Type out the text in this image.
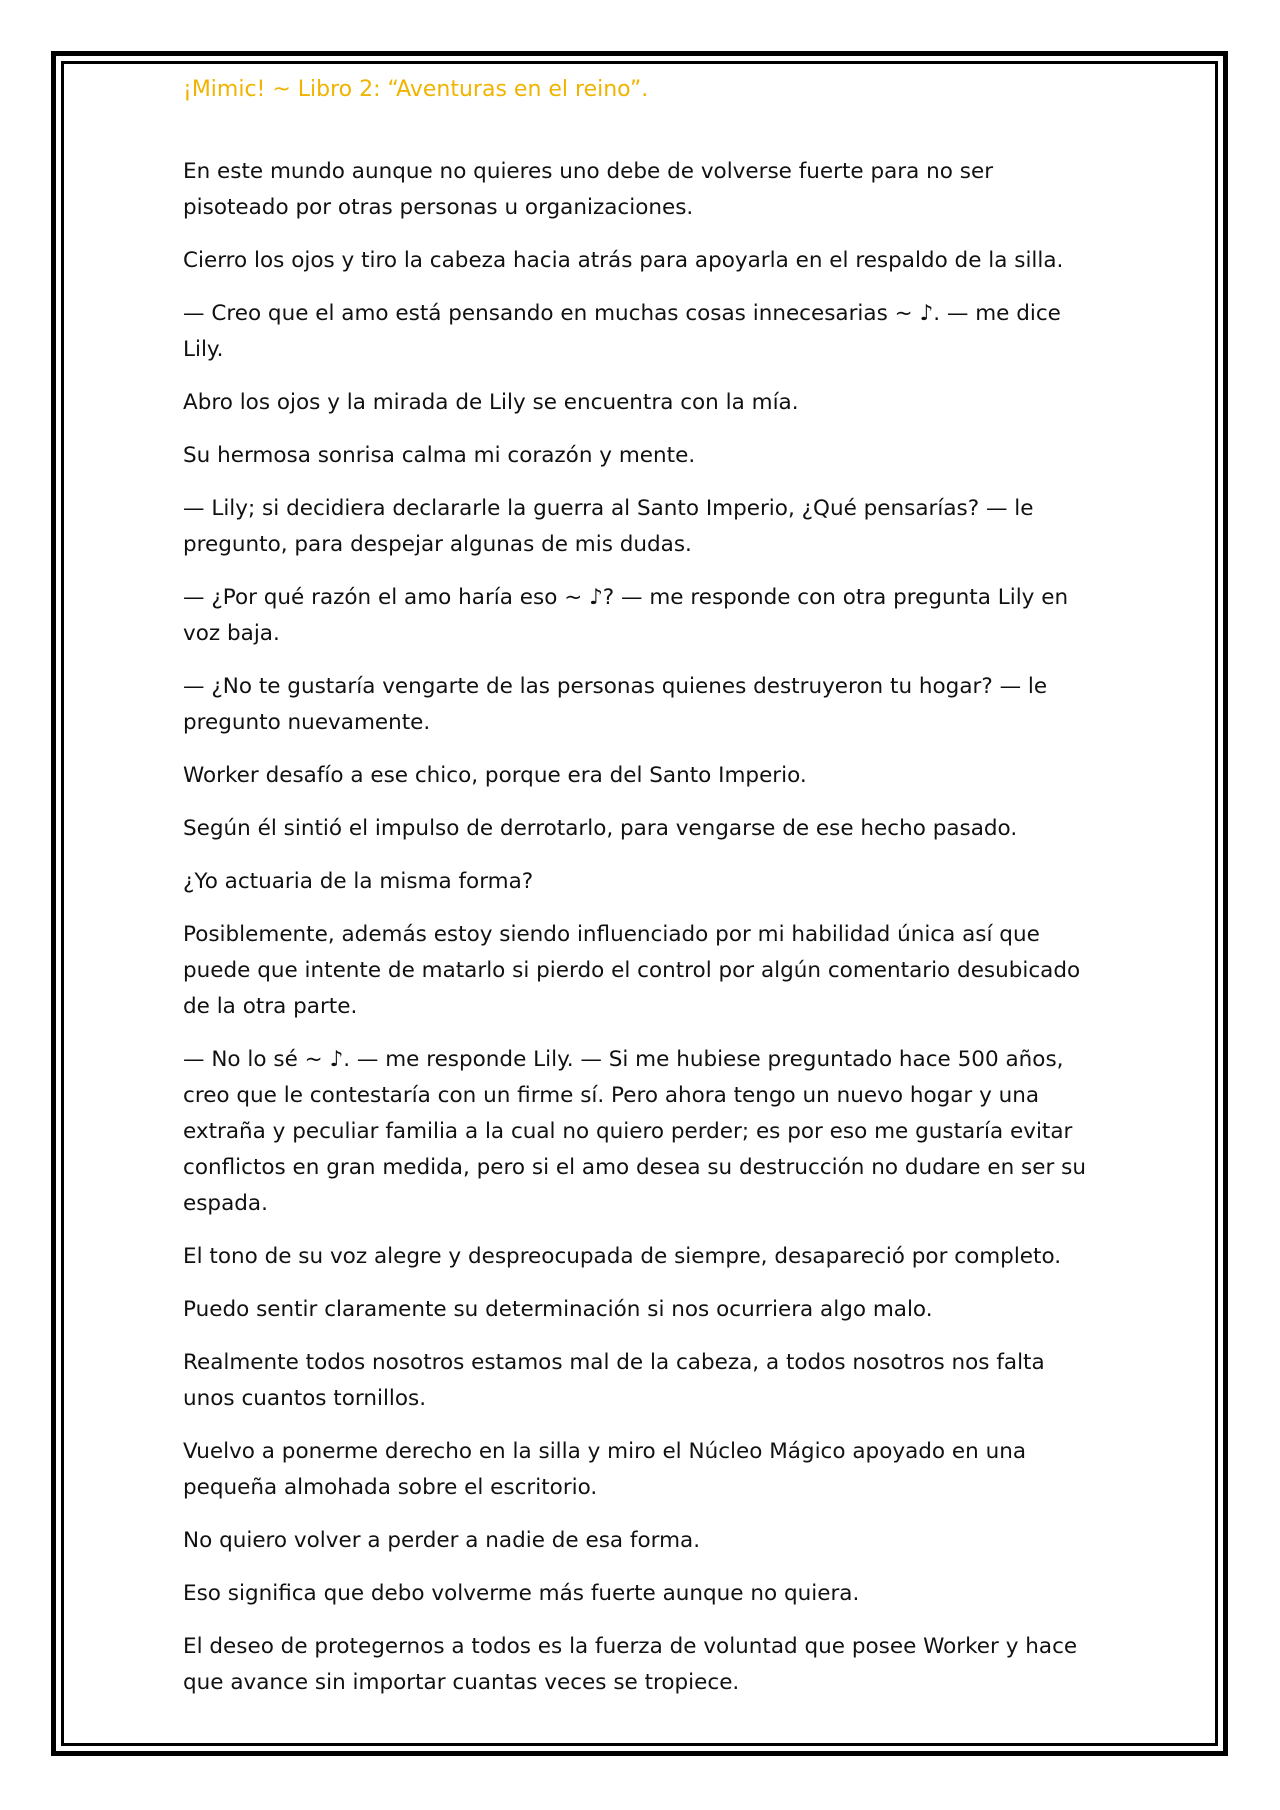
¡Mimic! ~ Libro 2: “Aventuras en el reino”.

En este mundo aunque no quieres uno debe de volverse fuerte para no ser pisoteado por otras personas u organizaciones.

Cierro los ojos y tiro la cabeza hacia atrás para apoyarla en el respaldo de la silla.

— Creo que el amo está pensando en muchas cosas innecesarias ~ ♪. — me dice Lily.

Abro los ojos y la mirada de Lily se encuentra con la mía.

Su hermosa sonrisa calma mi corazón y mente.

— Lily; si decidiera declararle la guerra al Santo Imperio, ¿Qué pensarías? — le pregunto, para despejar algunas de mis dudas.

— ¿Por qué razón el amo haría eso ~ ♪? — me responde con otra pregunta Lily en voz baja.

— ¿No te gustaría vengarte de las personas quienes destruyeron tu hogar? — le pregunto nuevamente.

Worker desafío a ese chico, porque era del Santo Imperio.

Según él sintió el impulso de derrotarlo, para vengarse de ese hecho pasado.

¿Yo actuaria de la misma forma?

Posiblemente, además estoy siendo influenciado por mi habilidad única así que puede que intente de matarlo si pierdo el control por algún comentario desubicado de la otra parte.

— No lo sé ~ ♪. — me responde Lily. — Si me hubiese preguntado hace 500 años, creo que le contestaría con un firme sí. Pero ahora tengo un nuevo hogar y una extraña y peculiar familia a la cual no quiero perder; es por eso me gustaría evitar conflictos en gran medida, pero si el amo desea su destrucción no dudare en ser su espada.

El tono de su voz alegre y despreocupada de siempre, desapareció por completo.

Puedo sentir claramente su determinación si nos ocurriera algo malo.

Realmente todos nosotros estamos mal de la cabeza, a todos nosotros nos falta unos cuantos tornillos.

Vuelvo a ponerme derecho en la silla y miro el Núcleo Mágico apoyado en una pequeña almohada sobre el escritorio.

No quiero volver a perder a nadie de esa forma.

Eso significa que debo volverme más fuerte aunque no quiera.

El deseo de protegernos a todos es la fuerza de voluntad que posee Worker y hace que avance sin importar cuantas veces se tropiece.
